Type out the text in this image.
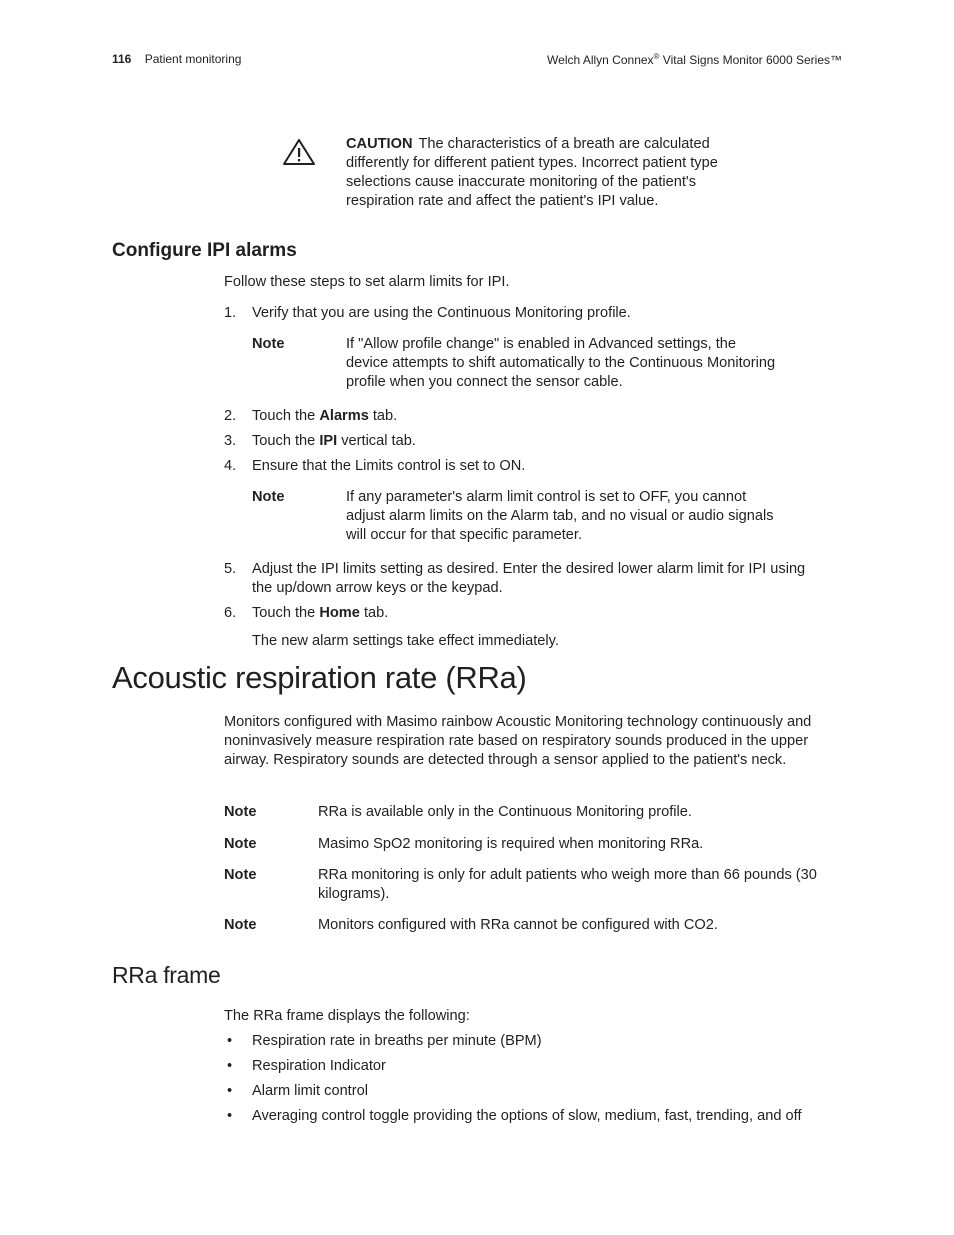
116 Patient monitoring	Welch Allyn Connex® Vital Signs Monitor 6000 Series™
CAUTION The characteristics of a breath are calculated differently for different patient types. Incorrect patient type selections cause inaccurate monitoring of the patient's respiration rate and affect the patient's IPI value.
Configure IPI alarms
Follow these steps to set alarm limits for IPI.
1. Verify that you are using the Continuous Monitoring profile.
Note	If "Allow profile change" is enabled in Advanced settings, the device attempts to shift automatically to the Continuous Monitoring profile when you connect the sensor cable.
2. Touch the Alarms tab.
3. Touch the IPI vertical tab.
4. Ensure that the Limits control is set to ON.
Note	If any parameter's alarm limit control is set to OFF, you cannot adjust alarm limits on the Alarm tab, and no visual or audio signals will occur for that specific parameter.
5. Adjust the IPI limits setting as desired. Enter the desired lower alarm limit for IPI using the up/down arrow keys or the keypad.
6. Touch the Home tab.
The new alarm settings take effect immediately.
Acoustic respiration rate (RRa)
Monitors configured with Masimo rainbow Acoustic Monitoring technology continuously and noninvasively measure respiration rate based on respiratory sounds produced in the upper airway. Respiratory sounds are detected through a sensor applied to the patient's neck.
Note	RRa is available only in the Continuous Monitoring profile.
Note	Masimo SpO2 monitoring is required when monitoring RRa.
Note	RRa monitoring is only for adult patients who weigh more than 66 pounds (30 kilograms).
Note	Monitors configured with RRa cannot be configured with CO2.
RRa frame
The RRa frame displays the following:
• Respiration rate in breaths per minute (BPM)
• Respiration Indicator
• Alarm limit control
• Averaging control toggle providing the options of slow, medium, fast, trending, and off
